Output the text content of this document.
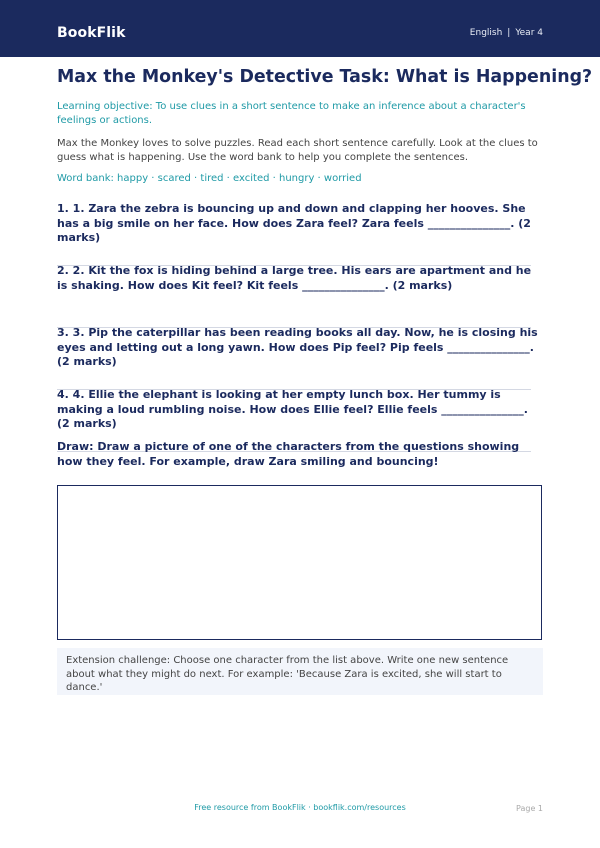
BookFlik	English | Year 4
Max the Monkey's Detective Task: What is Happening?
Learning objective: To use clues in a short sentence to make an inference about a character's feelings or actions.
Max the Monkey loves to solve puzzles. Read each short sentence carefully. Look at the clues to guess what is happening. Use the word bank to help you complete the sentences.
Word bank: happy · scared · tired · excited · hungry · worried
1. 1. Zara the zebra is bouncing up and down and clapping her hooves. She has a big smile on her face. How does Zara feel? Zara feels _______________. (2 marks)
2. 2. Kit the fox is hiding behind a large tree. His ears are apartment and he is shaking. How does Kit feel? Kit feels _______________. (2 marks)
3. 3. Pip the caterpillar has been reading books all day. Now, he is closing his eyes and letting out a long yawn. How does Pip feel? Pip feels _______________. (2 marks)
4. 4. Ellie the elephant is looking at her empty lunch box. Her tummy is making a loud rumbling noise. How does Ellie feel? Ellie feels _______________. (2 marks)
Draw: Draw a picture of one of the characters from the questions showing how they feel. For example, draw Zara smiling and bouncing!
Extension challenge: Choose one character from the list above. Write one new sentence about what they might do next. For example: 'Because Zara is excited, she will start to dance.'
Free resource from BookFlik · bookflik.com/resources	Page 1
